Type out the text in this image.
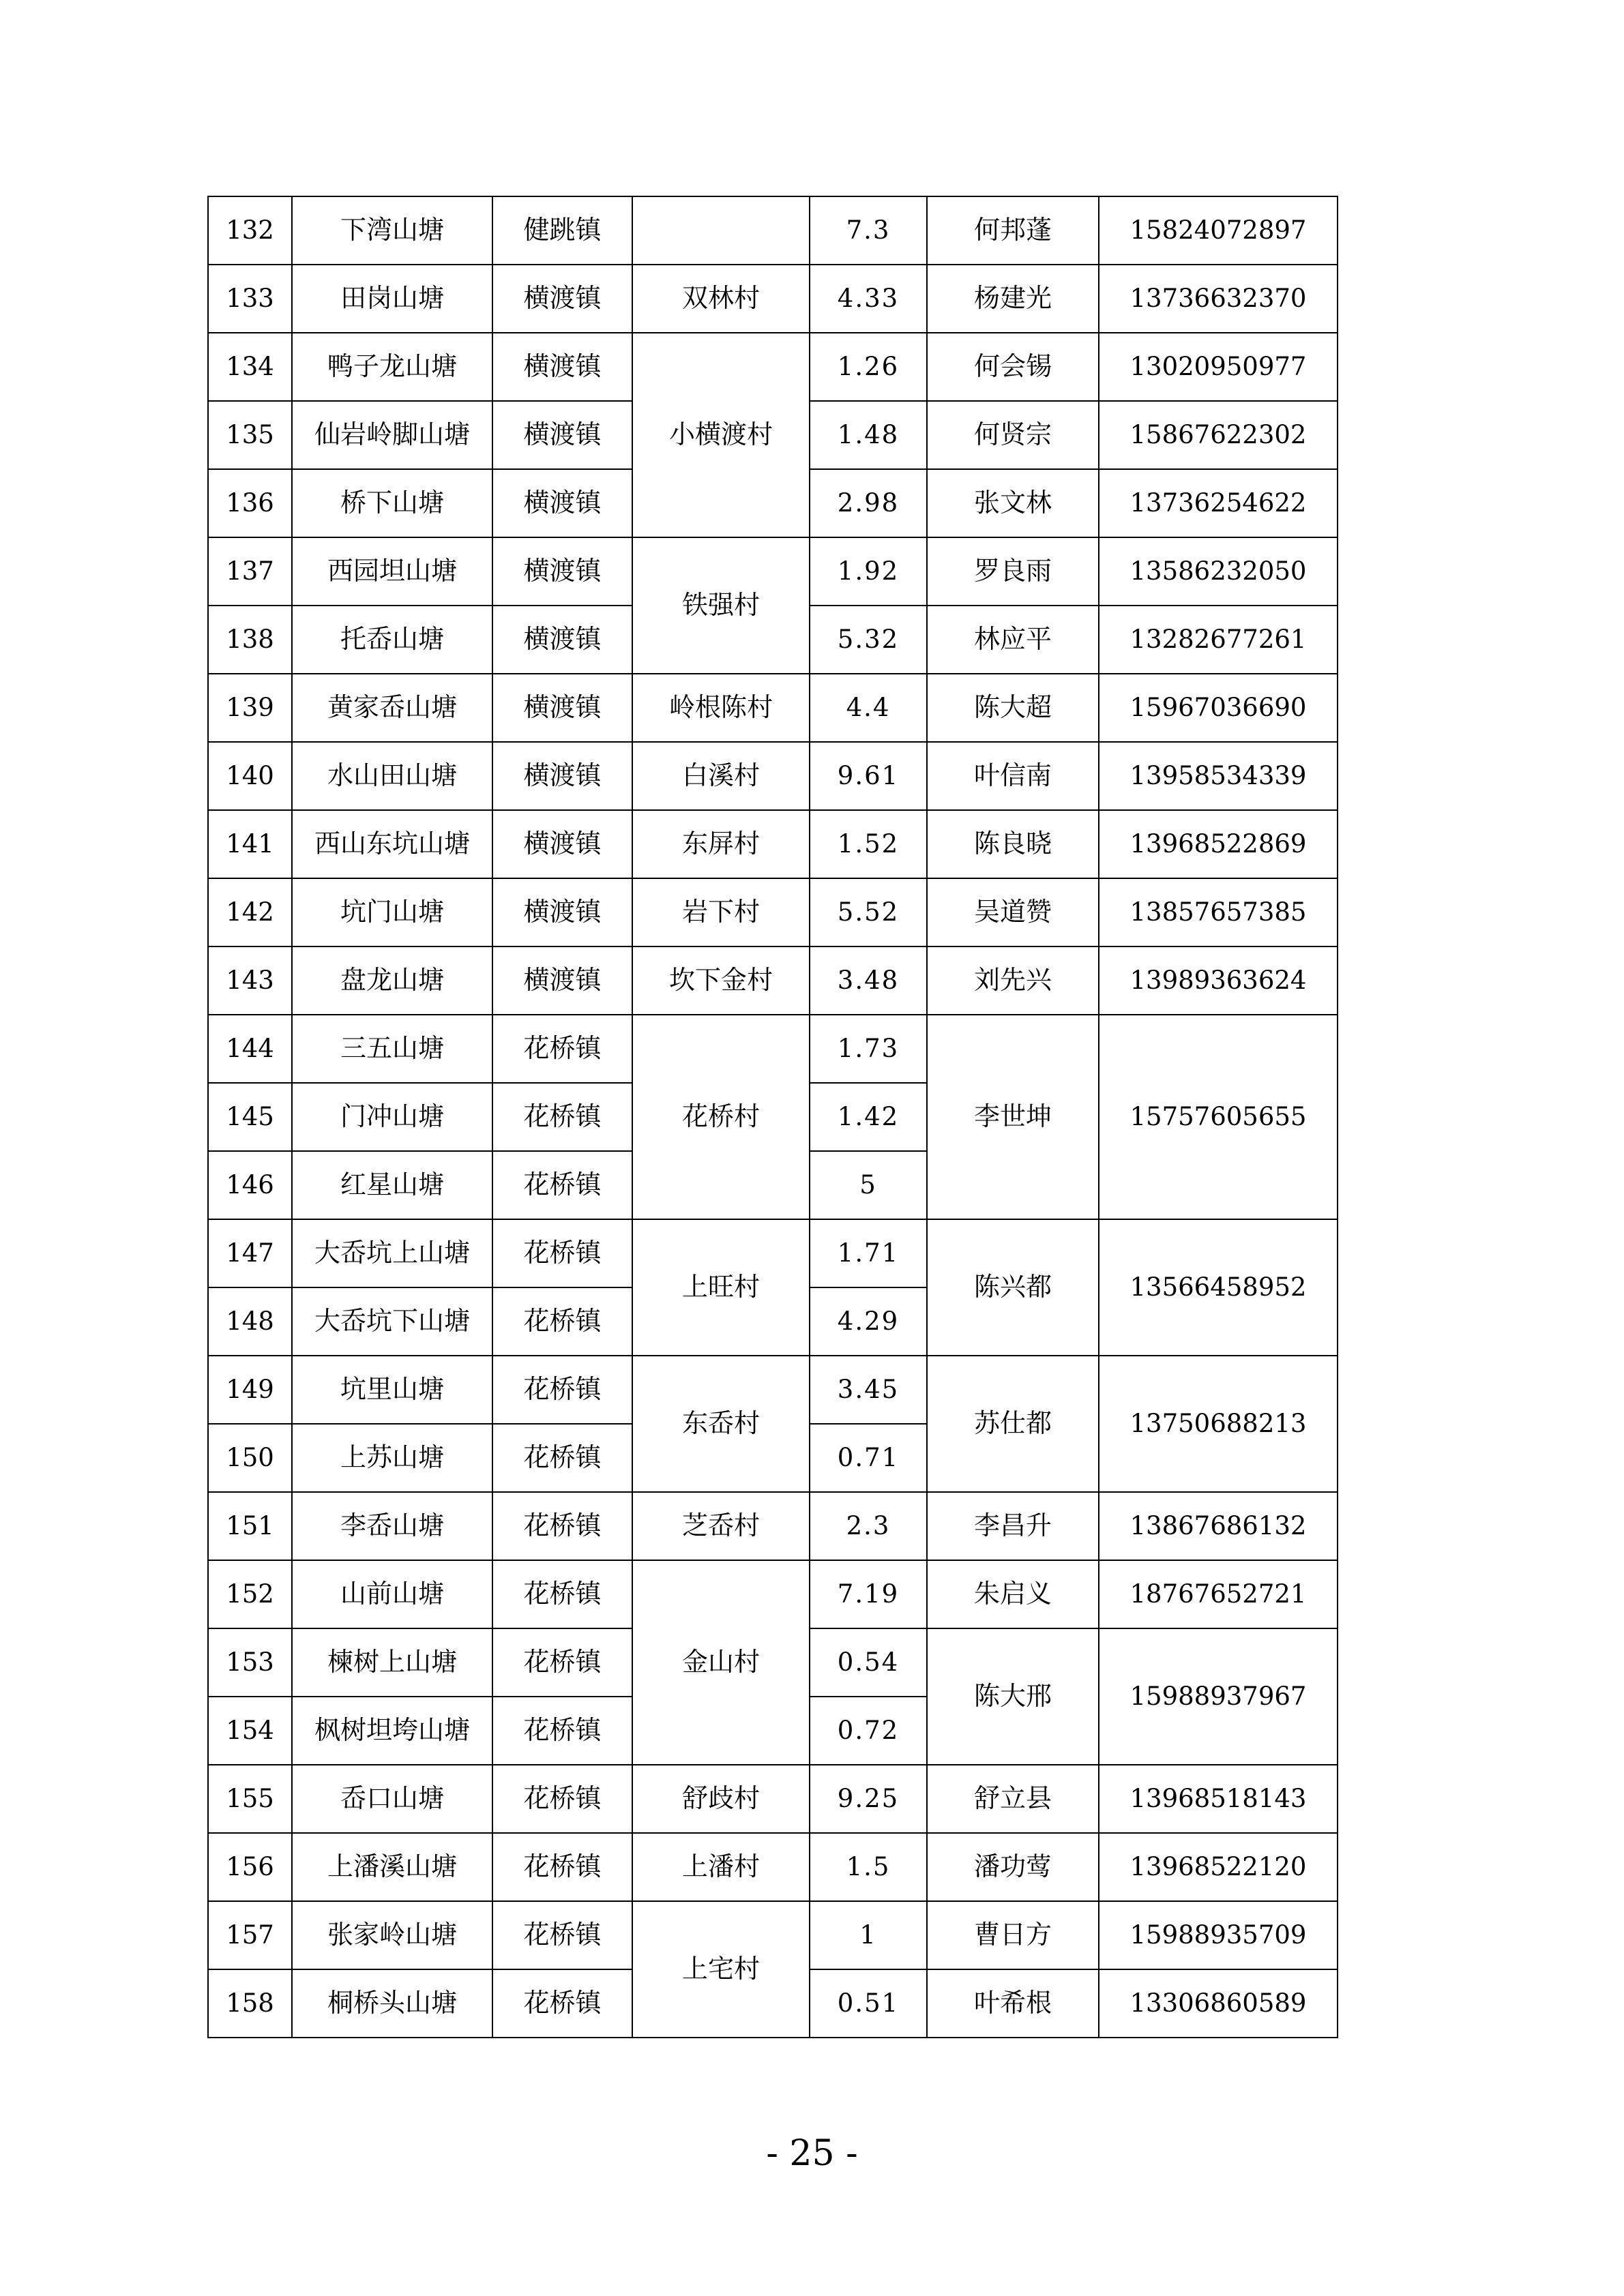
132	下湾山塘	健跳镇		7.3	何邦蓬	15824072897
133	田岗山塘	横渡镇	双林村	4.33	杨建光	13736632370
134	鸭子龙山塘	横渡镇	小横渡村	1.26	何会锡	13020950977
135	仙岩岭脚山塘	横渡镇		1.48	何贤宗	15867622302
136	桥下山塘	横渡镇		2.98	张文林	13736254622
137	西园坦山塘	横渡镇	铁强村	1.92	罗良雨	13586232050
138	托岙山塘	横渡镇		5.32	林应平	13282677261
139	黄家岙山塘	横渡镇	岭根陈村	4.4	陈大超	15967036690
140	水山田山塘	横渡镇	白溪村	9.61	叶信南	13958534339
141	西山东坑山塘	横渡镇	东屏村	1.52	陈良晓	13968522869
142	坑门山塘	横渡镇	岩下村	5.52	吴道赞	13857657385
143	盘龙山塘	横渡镇	坎下金村	3.48	刘先兴	13989363624
144	三五山塘	花桥镇	花桥村	1.73	李世坤	15757605655
145	门冲山塘	花桥镇		1.42		
146	红星山塘	花桥镇		5		
147	大岙坑上山塘	花桥镇	上旺村	1.71	陈兴都	13566458952
148	大岙坑下山塘	花桥镇		4.29		
149	坑里山塘	花桥镇	东岙村	3.45	苏仕都	13750688213
150	上苏山塘	花桥镇		0.71		
151	李岙山塘	花桥镇	芝岙村	2.3	李昌升	13867686132
152	山前山塘	花桥镇	金山村	7.19	朱启义	18767652721
153	楝树上山塘	花桥镇		0.54	陈大邢	15988937967
154	枫树坦垮山塘	花桥镇		0.72		
155	岙口山塘	花桥镇	舒歧村	9.25	舒立县	13968518143
156	上潘溪山塘	花桥镇	上潘村	1.5	潘功莺	13968522120
157	张家岭山塘	花桥镇	上宅村	1	曹日方	15988935709
158	桐桥头山塘	花桥镇		0.51	叶希根	13306860589
- 25 -
